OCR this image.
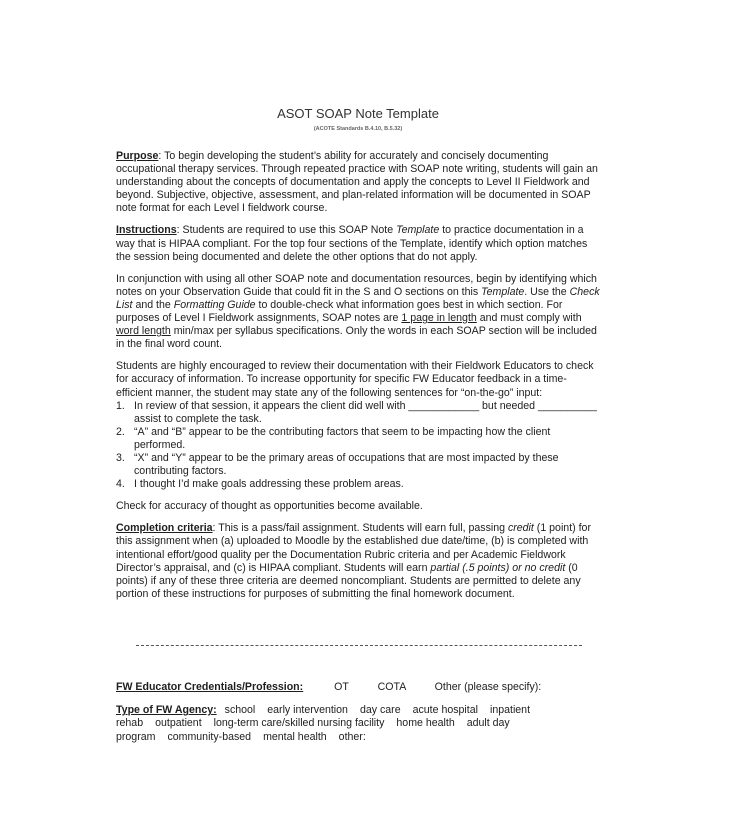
ASOT SOAP Note Template
(ACOTE Standards B.4.10, B.5.32)

Purpose: To begin developing the student’s ability for accurately and concisely documenting occupational therapy services. Through repeated practice with SOAP note writing, students will gain an understanding about the concepts of documentation and apply the concepts to Level II Fieldwork and beyond. Subjective, objective, assessment, and plan-related information will be documented in SOAP note format for each Level I fieldwork course.

Instructions: Students are required to use this SOAP Note Template to practice documentation in a way that is HIPAA compliant. For the top four sections of the Template, identify which option matches the session being documented and delete the other options that do not apply.

In conjunction with using all other SOAP note and documentation resources, begin by identifying which notes on your Observation Guide that could fit in the S and O sections on this Template. Use the Check List and the Formatting Guide to double-check what information goes best in which section. For purposes of Level I Fieldwork assignments, SOAP notes are 1 page in length and must comply with word length min/max per syllabus specifications. Only the words in each SOAP section will be included in the final word count.

Students are highly encouraged to review their documentation with their Fieldwork Educators to check for accuracy of information. To increase opportunity for specific FW Educator feedback in a time-efficient manner, the student may state any of the following sentences for “on-the-go” input:

1. In review of that session, it appears the client did well with ____________ but needed __________ assist to complete the task.
2. “A” and “B” appear to be the contributing factors that seem to be impacting how the client performed.
3. “X” and “Y” appear to be the primary areas of occupations that are most impacted by these contributing factors.
4. I thought I’d make goals addressing these problem areas.

Check for accuracy of thought as opportunities become available.

Completion criteria: This is a pass/fail assignment. Students will earn full, passing credit (1 point) for this assignment when (a) uploaded to Moodle by the established due date/time, (b) is completed with intentional effort/good quality per the Documentation Rubric criteria and per Academic Fieldwork Director’s appraisal, and (c) is HIPAA compliant. Students will earn partial (.5 points) or no credit (0 points) if any of these three criteria are deemed noncompliant. Students are permitted to delete any portion of these instructions for purposes of submitting the final homework document.

FW Educator Credentials/Profession:	OT	COTA	Other (please specify):
Type of FW Agency: school early intervention day care acute hospital inpatient rehab outpatient long-term care/skilled nursing facility home health adult day program community-based mental health other:
